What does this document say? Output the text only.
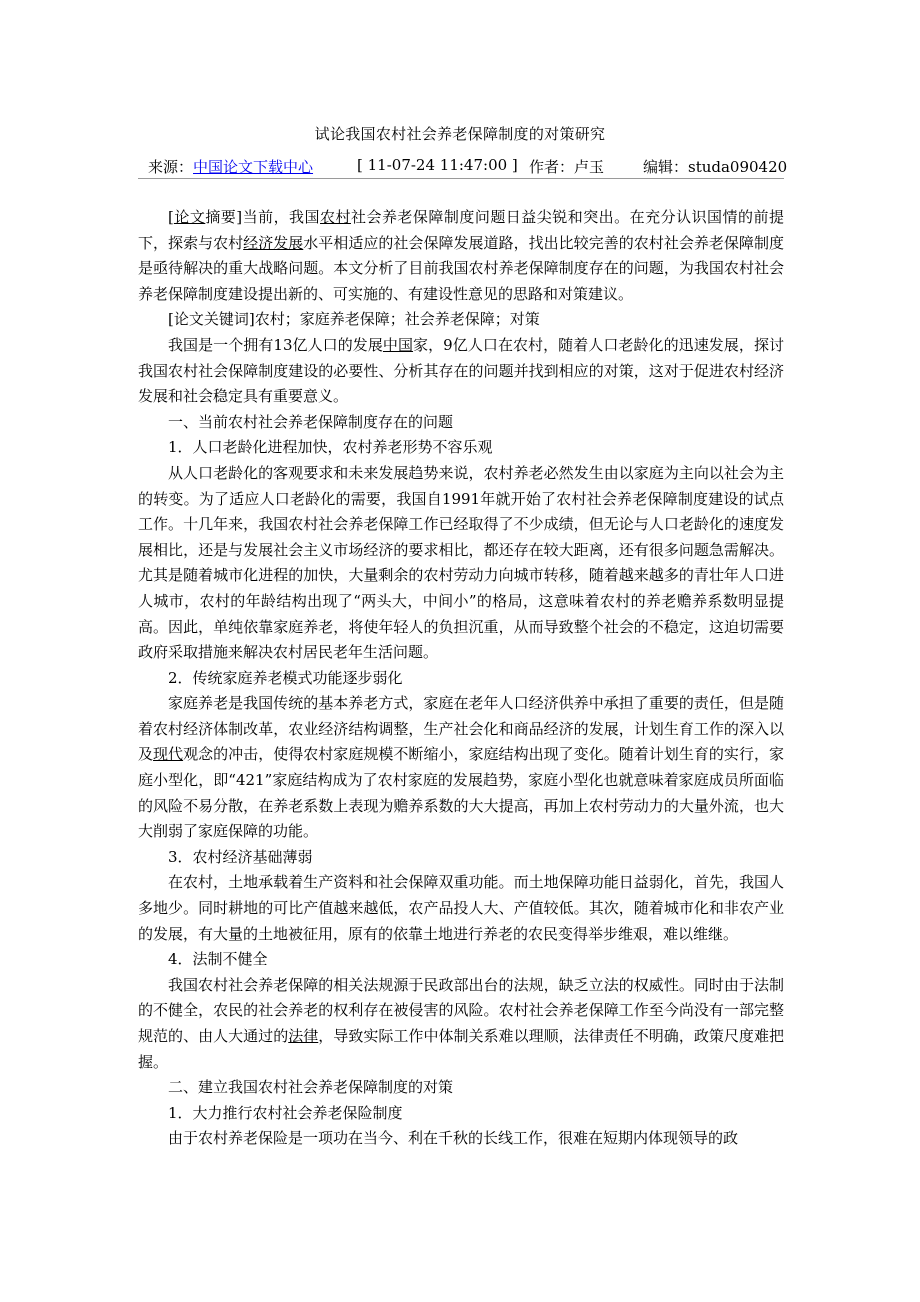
试论我国农村社会养老保障制度的对策研究
来源：中国论文下载中心	[ 11-07-24 11:47:00 ] 作者：卢玉	编辑：studa090420

[论文摘要]当前，我国农村社会养老保障制度问题日益尖锐和突出。在充分认识国情的前提下，探索与农村经济发展水平相适应的社会保障发展道路，找出比较完善的农村社会养老保障制度是亟待解决的重大战略问题。本文分析了目前我国农村养老保障制度存在的问题，为我国农村社会养老保障制度建设提出新的、可实施的、有建设性意见的思路和对策建议。

[论文关键词]农村；家庭养老保障；社会养老保障；对策

我国是一个拥有13亿人口的发展中国家，9亿人口在农村，随着人口老龄化的迅速发展，探讨我国农村社会保障制度建设的必要性、分析其存在的问题并找到相应的对策，这对于促进农村经济发展和社会稳定具有重要意义。

一、当前农村社会养老保障制度存在的问题

1．人口老龄化进程加快，农村养老形势不容乐观

从人口老龄化的客观要求和未来发展趋势来说，农村养老必然发生由以家庭为主向以社会为主的转变。为了适应人口老龄化的需要，我国自1991年就开始了农村社会养老保障制度建设的试点工作。十几年来，我国农村社会养老保障工作已经取得了不少成绩，但无论与人口老龄化的速度发展相比，还是与发展社会主义市场经济的要求相比，都还存在较大距离，还有很多问题急需解决。尤其是随着城市化进程的加快，大量剩余的农村劳动力向城市转移，随着越来越多的青壮年人口进人城市，农村的年龄结构出现了“两头大，中间小”的格局，这意味着农村的养老赡养系数明显提高。因此，单纯依靠家庭养老，将使年轻人的负担沉重，从而导致整个社会的不稳定，这迫切需要政府采取措施来解决农村居民老年生活问题。

2．传统家庭养老模式功能逐步弱化

家庭养老是我国传统的基本养老方式，家庭在老年人口经济供养中承担了重要的责任，但是随着农村经济体制改革，农业经济结构调整，生产社会化和商品经济的发展，计划生育工作的深入以及现代观念的冲击，使得农村家庭规模不断缩小，家庭结构出现了变化。随着计划生育的实行，家庭小型化，即“421”家庭结构成为了农村家庭的发展趋势，家庭小型化也就意味着家庭成员所面临的风险不易分散，在养老系数上表现为赡养系数的大大提高，再加上农村劳动力的大量外流，也大大削弱了家庭保障的功能。

3．农村经济基础薄弱

在农村，土地承载着生产资料和社会保障双重功能。而土地保障功能日益弱化，首先，我国人多地少。同时耕地的可比产值越来越低，农产品投人大、产值较低。其次，随着城市化和非农产业的发展，有大量的土地被征用，原有的依靠土地进行养老的农民变得举步维艰，难以维继。

4．法制不健全

我国农村社会养老保障的相关法规源于民政部出台的法规，缺乏立法的权威性。同时由于法制的不健全，农民的社会养老的权利存在被侵害的风险。农村社会养老保障工作至今尚没有一部完整规范的、由人大通过的法律，导致实际工作中体制关系难以理顺，法律责任不明确，政策尺度难把握。

二、建立我国农村社会养老保障制度的对策

1．大力推行农村社会养老保险制度

由于农村养老保险是一项功在当今、利在千秋的长线工作，很难在短期内体现领导的政
